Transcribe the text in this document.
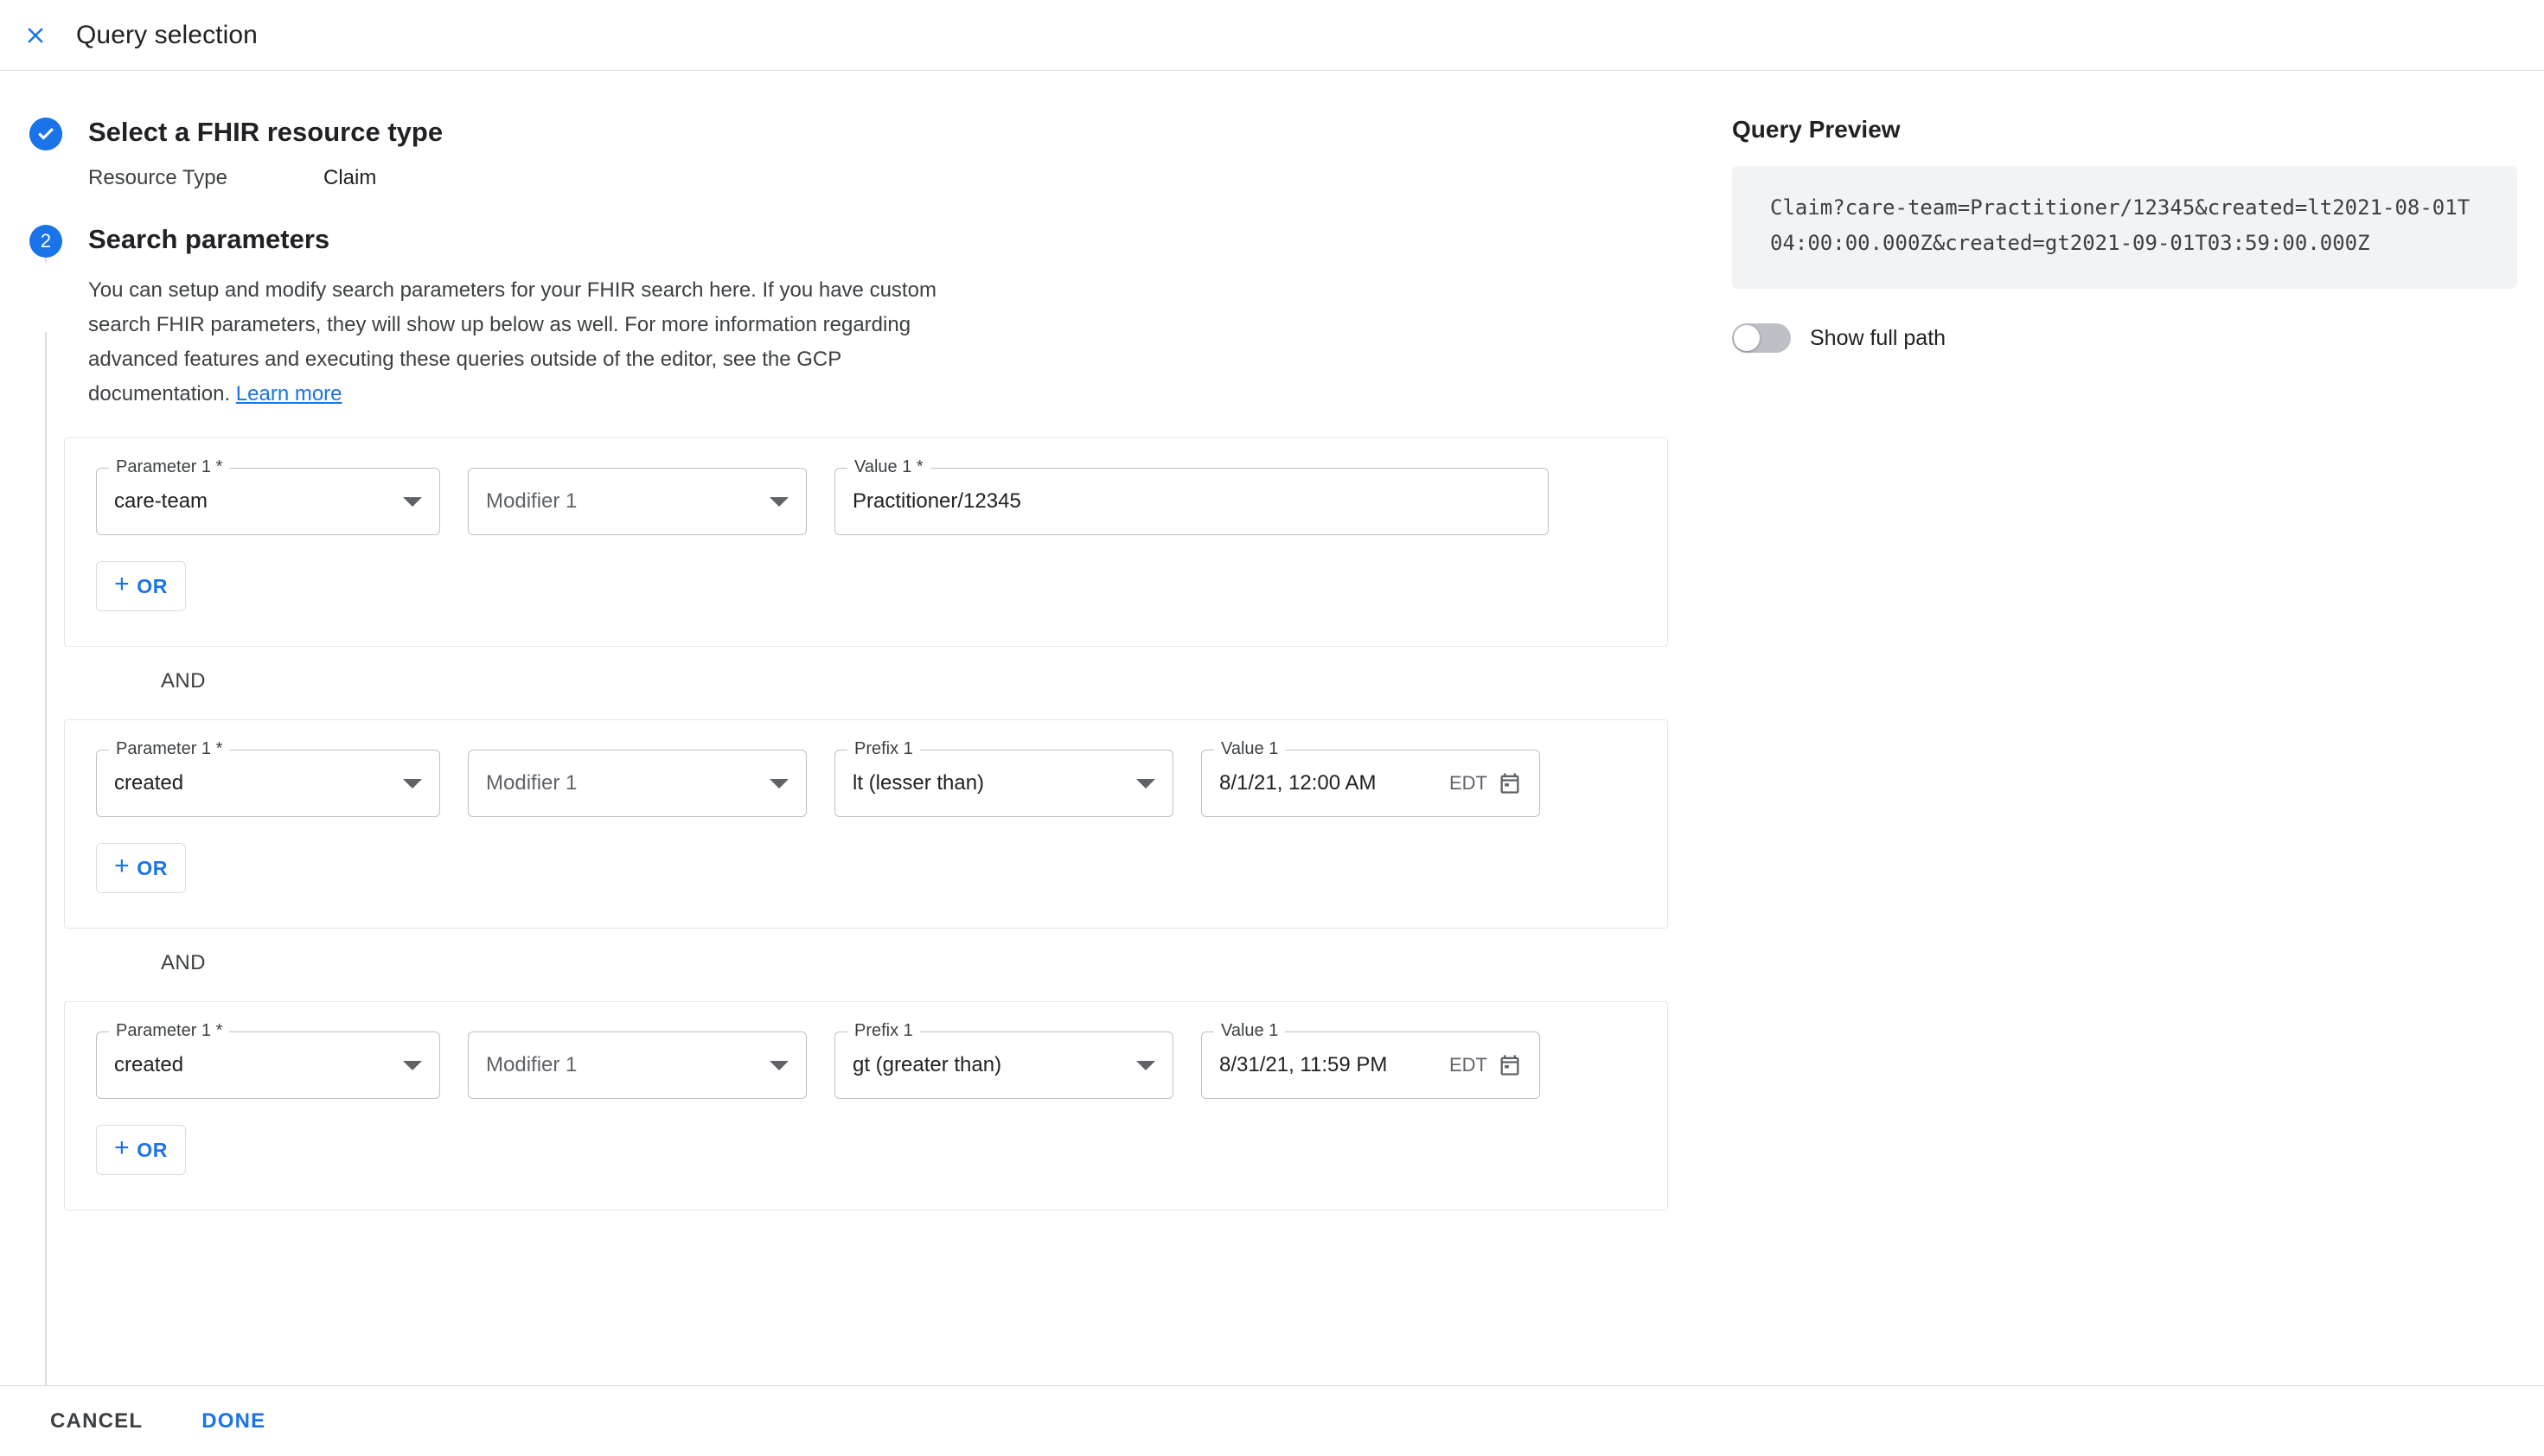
Query selection
Select a FHIR resource type
Resource Type	Claim
2	Search parameters
You can setup and modify search parameters for your FHIR search here. If you have custom search FHIR parameters, they will show up below as well. For more information regarding advanced features and executing these queries outside of the editor, see the GCP documentation. Learn more
Parameter 1 *
care-team	Modifier 1
Value 1 *
Practitioner/12345
+ OR
AND
Parameter 1 *
created	Modifier 1
Prefix 1
lt (lesser than)
Value 1
8/1/21, 12:00 AM	EDT
+ OR
AND
Parameter 1 *
created	Modifier 1
Prefix 1
gt (greater than)
Value 1
8/31/21, 11:59 PM	EDT
+ OR
Query Preview
Claim?care-team=Practitioner/12345&created=lt2021-08-01T04:00:00.000Z&created=gt2021-09-01T03:59:00.000Z
Show full path
CANCEL	DONE
